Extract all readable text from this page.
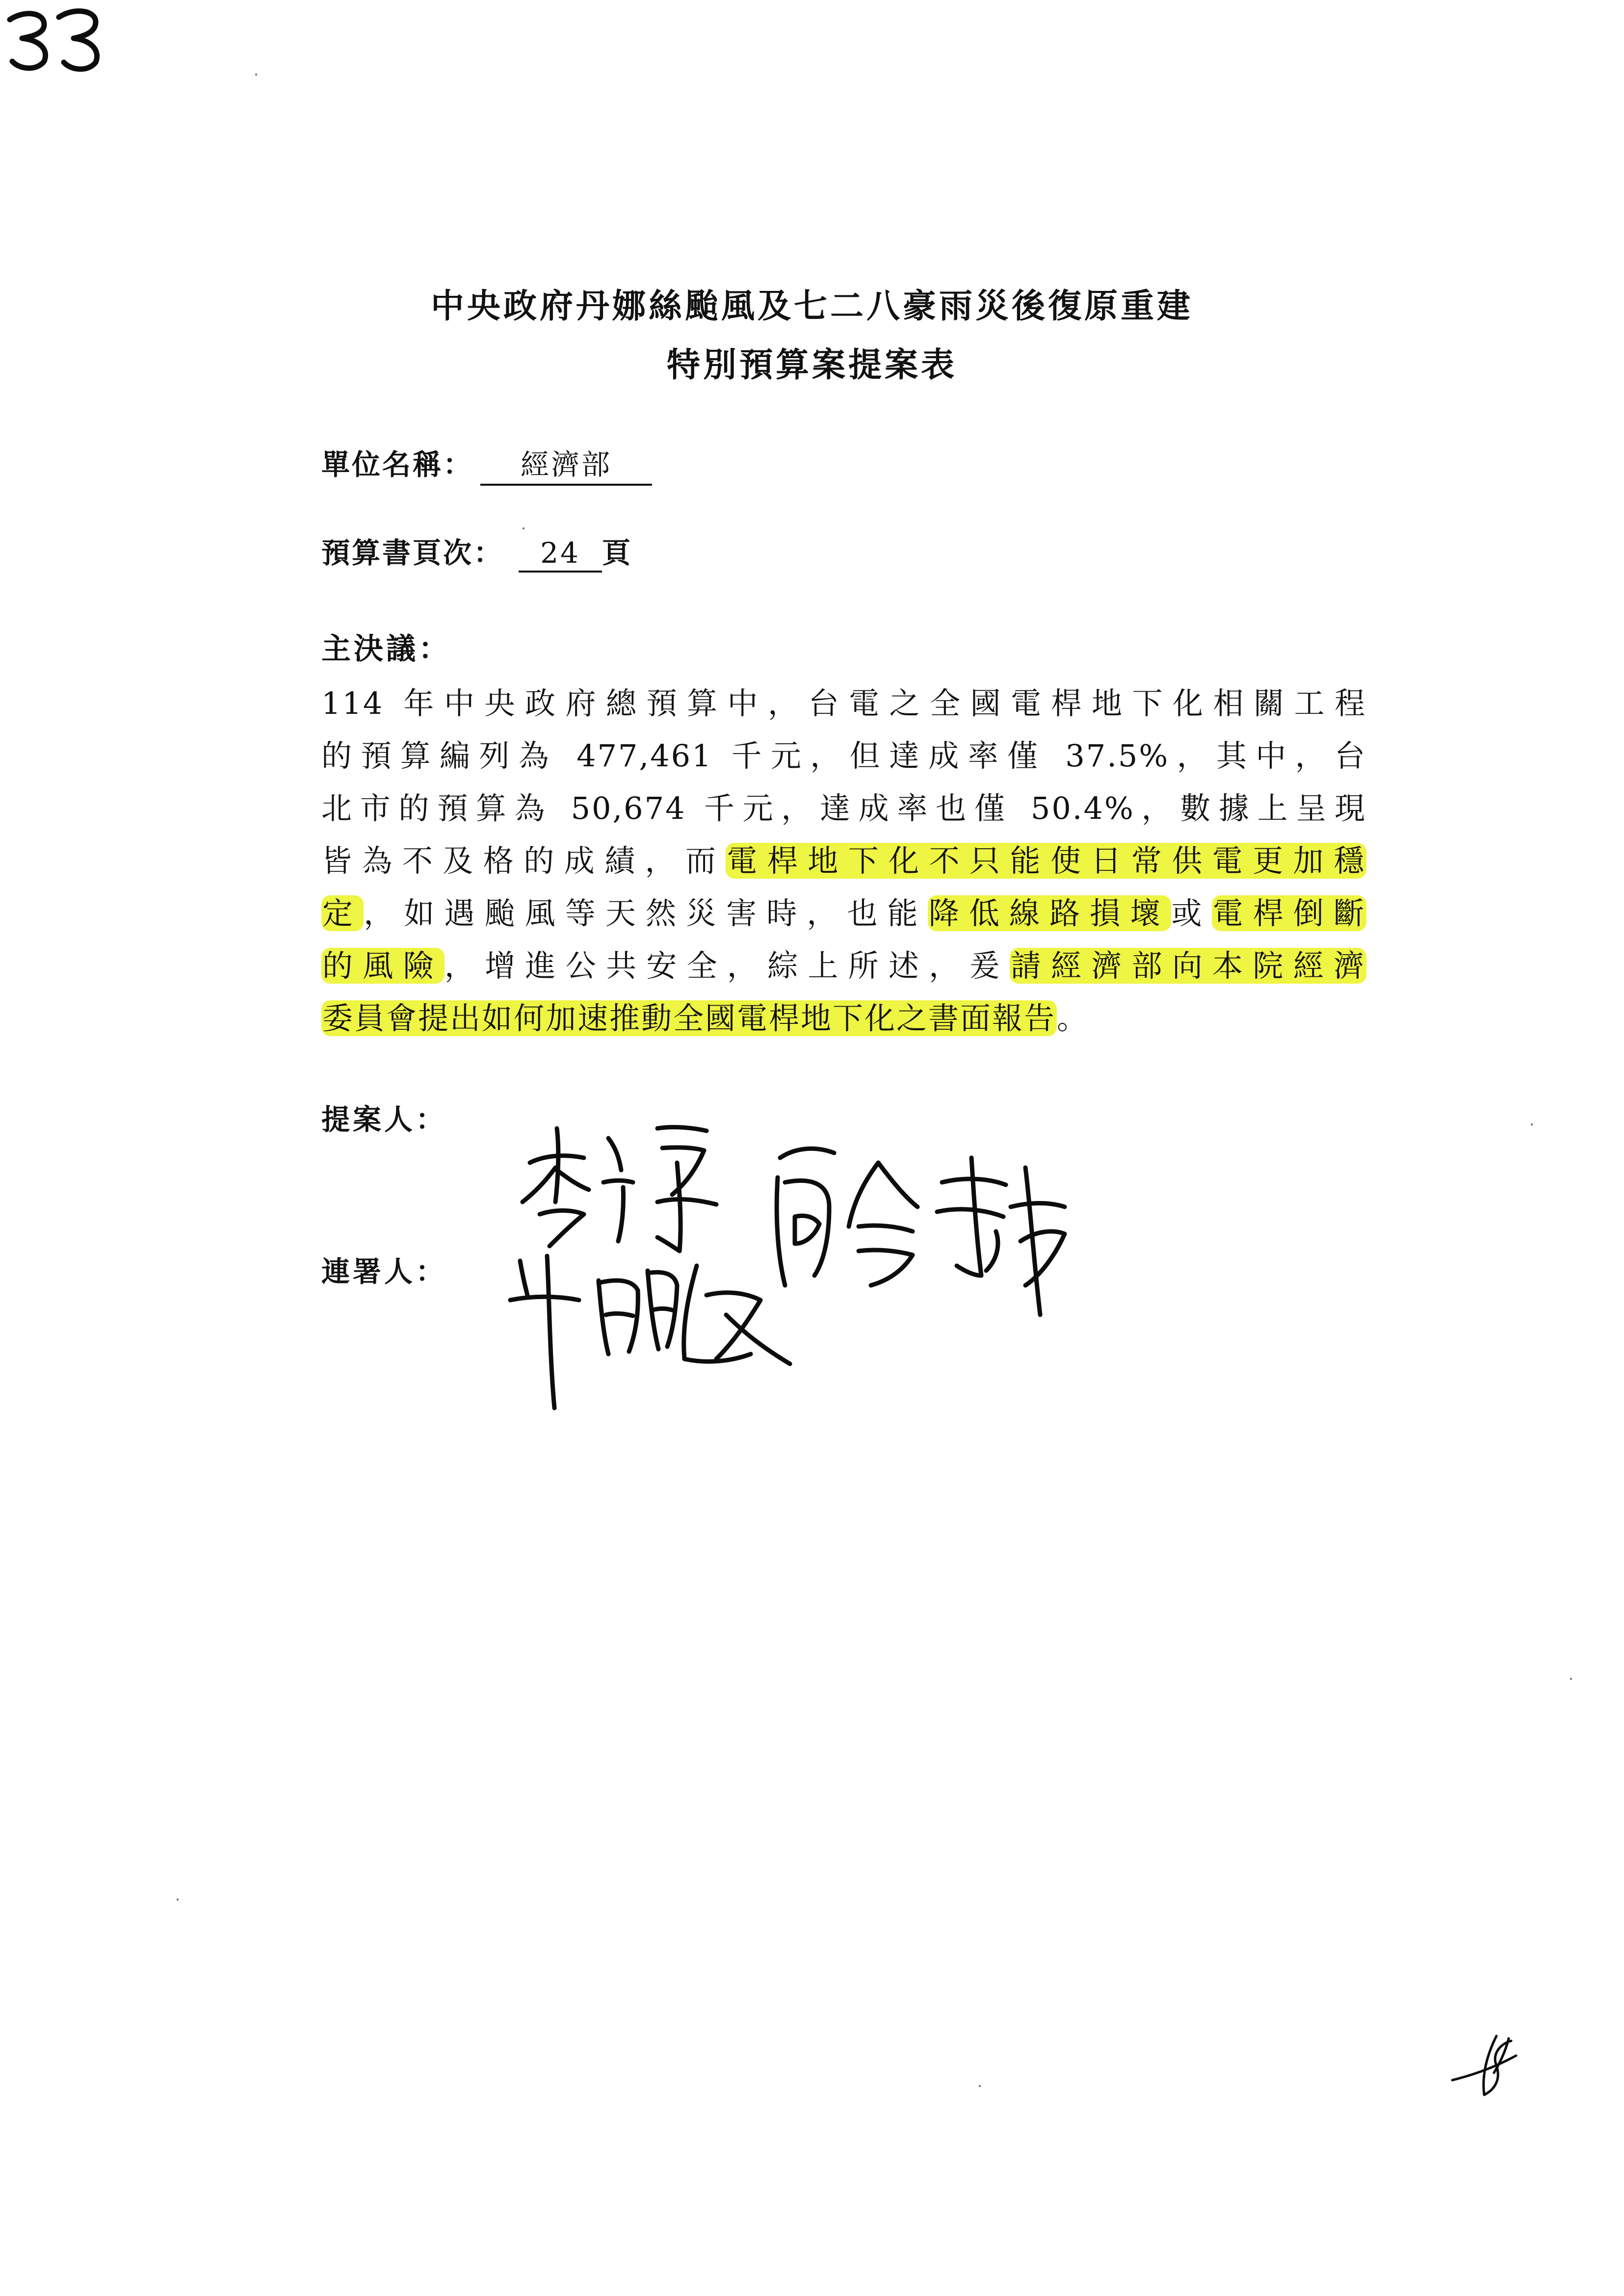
中央政府丹娜絲颱風及七二八豪雨災後復原重建
特別預算案提案表
單位名稱： 經濟部
預算書頁次： 24 頁
主決議：
114 年中央政府總預算中，台電之全國電桿地下化相關工程
的預算編列為 477,461 千元，但達成率僅 37.5%，其中，台
北市的預算為 50,674 千元，達成率也僅 50.4%，數據上呈現
皆為不及格的成績，而電桿地下化不只能使日常供電更加穩
定，如遇颱風等天然災害時，也能降低線路損壞或電桿倒斷
的風險，增進公共安全，綜上所述，爰請經濟部向本院經濟
委員會提出如何加速推動全國電桿地下化之書面報告。
提案人：
連署人：
